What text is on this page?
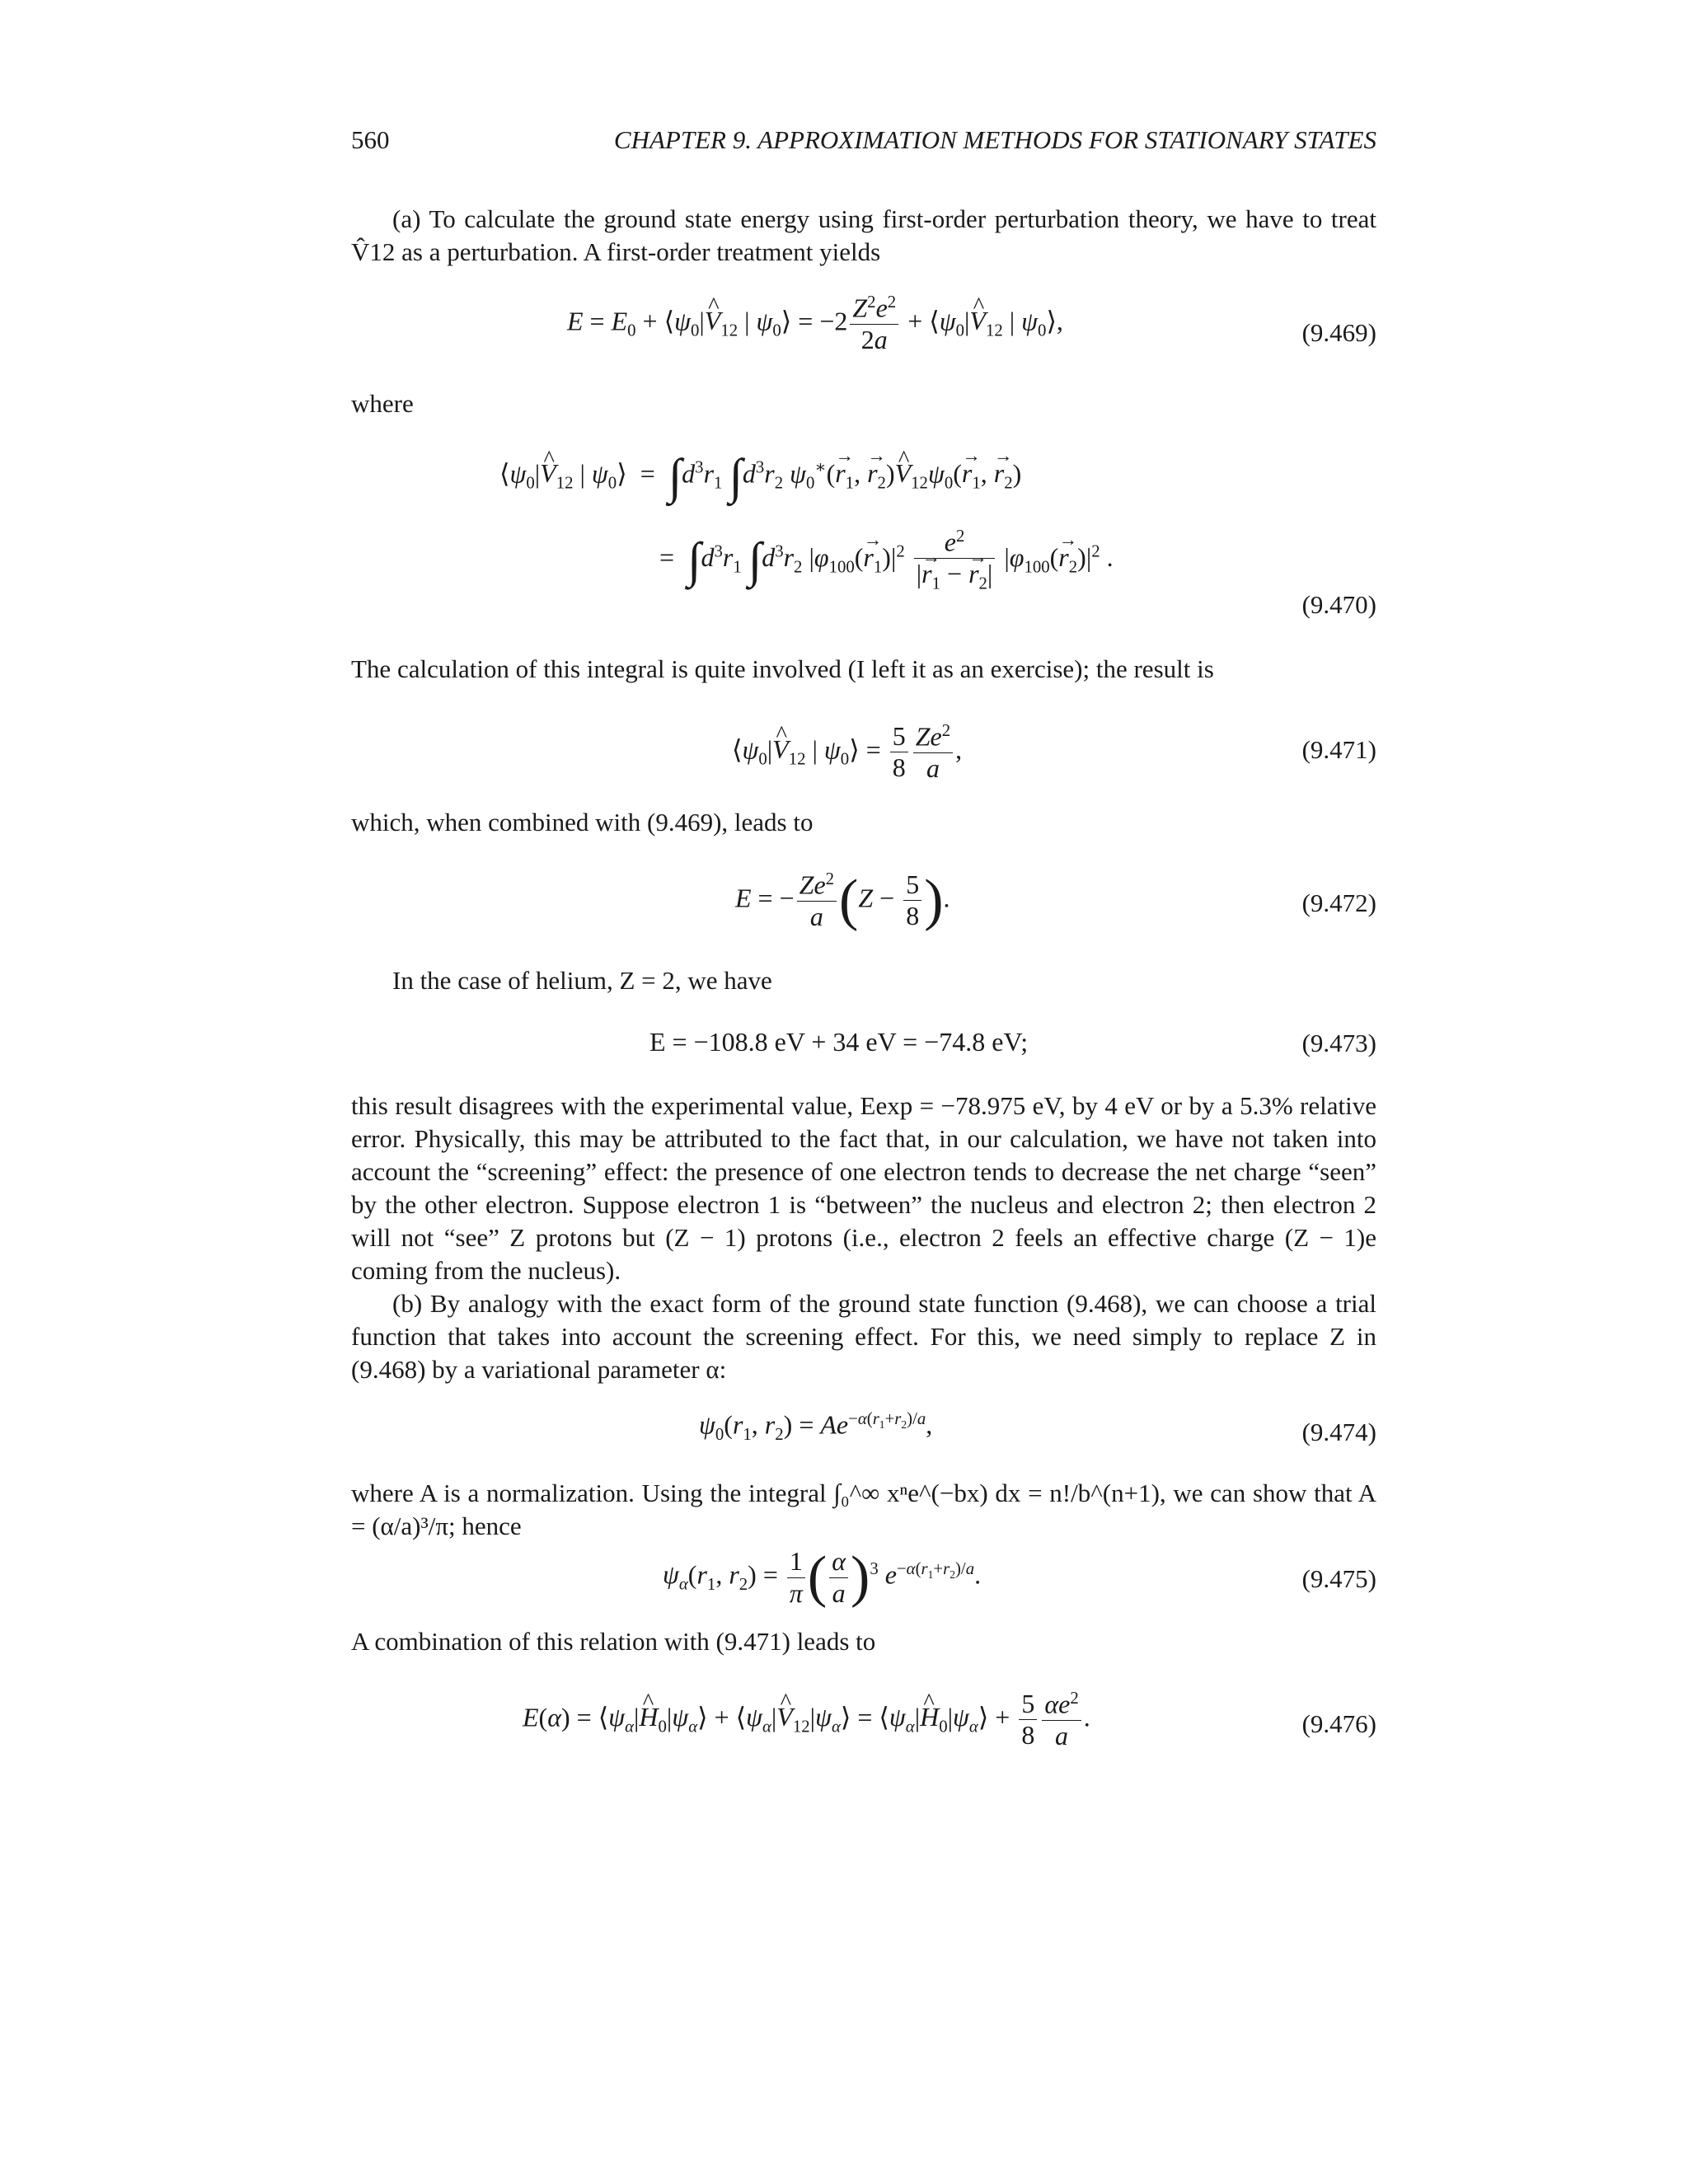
560	CHAPTER 9. APPROXIMATION METHODS FOR STATIONARY STATES

(a) To calculate the ground state energy using first-order perturbation theory, we have to treat V̂12 as a perturbation. A first-order treatment yields

$E = E_0$ + $⟨\psi_0|\^{}$ $V_{12}$ | $\psi_0⟩ = -2 \frac{Z^2e^2}{2a}$ + $⟨\psi_0|\^{}$ $V_{12}$ | $\psi_0⟩$,	(9.469)

where

$⟨\psi_0|\^{}$ $V_{12}$ | $\psi_0⟩ = \int d^3r_1$ $\int d^3r_2$ $\psi_0^∗(\to r_1$, → $r_2)\^{}$ $V_{12}\psi_0(\to r_1$, → $r_2$)
=  $\int d^3r_1$ $\int d^3r_2$ $|\varphi_{100}(\to r_1)|^2 \frac{e^2}{|\to r_1 - \to r_2|} |\varphi_{100}(\to r_2)|^2$ .
(9.470)

The calculation of this integral is quite involved (I left it as an exercise); the result is

$⟨\psi_0|\^{}$ $V_{12}$ | $\psi_0⟩ = \frac{5}{8} \frac{Ze^2}{a}$ ,	(9.471)

which, when combined with (9.469), leads to

E = − $\frac{Ze^2}{a} (Z - \frac{5}{8}$ ).	(9.472)

In the case of helium, Z = 2, we have

E = −108.8 eV + 34 eV = −74.8 eV;	(9.473)

this result disagrees with the experimental value, Eexp = −78.975 eV, by 4 eV or by a 5.3% relative error. Physically, this may be attributed to the fact that, in our calculation, we have not taken into account the “screening” effect: the presence of one electron tends to decrease the net charge “seen” by the other electron. Suppose electron 1 is “between” the nucleus and electron 2; then electron 2 will not “see” Z protons but (Z − 1) protons (i.e., electron 2 feels an effective charge (Z − 1)e coming from the nucleus).

(b) By analogy with the exact form of the ground state function (9.468), we can choose a trial function that takes into account the screening effect. For this, we need simply to replace Z in (9.468) by a variational parameter α:

$\psi_0(r_1$, $r_2) = Ae^{-\alpha(r_1+r_2)/a}$,	(9.474)

where A is a normalization. Using the integral ∫₀^∞ xⁿe^(−bx) dx = n!/b^(n+1), we can show that A = (α/a)³/π; hence

$\psi_\alpha(r_1$, $r_2) = \frac{1}{\pi}$ ( $\frac{\alpha}{a} )^3$ $e^{-\alpha(r_1+r_2)/a}$.	(9.475)

A combination of this relation with (9.471) leads to

$E(\alpha) = ⟨\psi_\alpha|\^{}$ $H_0|\psi_\alpha⟩$ + $⟨\psi_\alpha|\^{}$ $V_{12}|\psi_\alpha⟩$ = $⟨\psi_\alpha|\^{}$ $H_0|\psi_\alpha⟩ + \frac{5}{8} \frac{\alpha e^2}{a}$ .	(9.476)
